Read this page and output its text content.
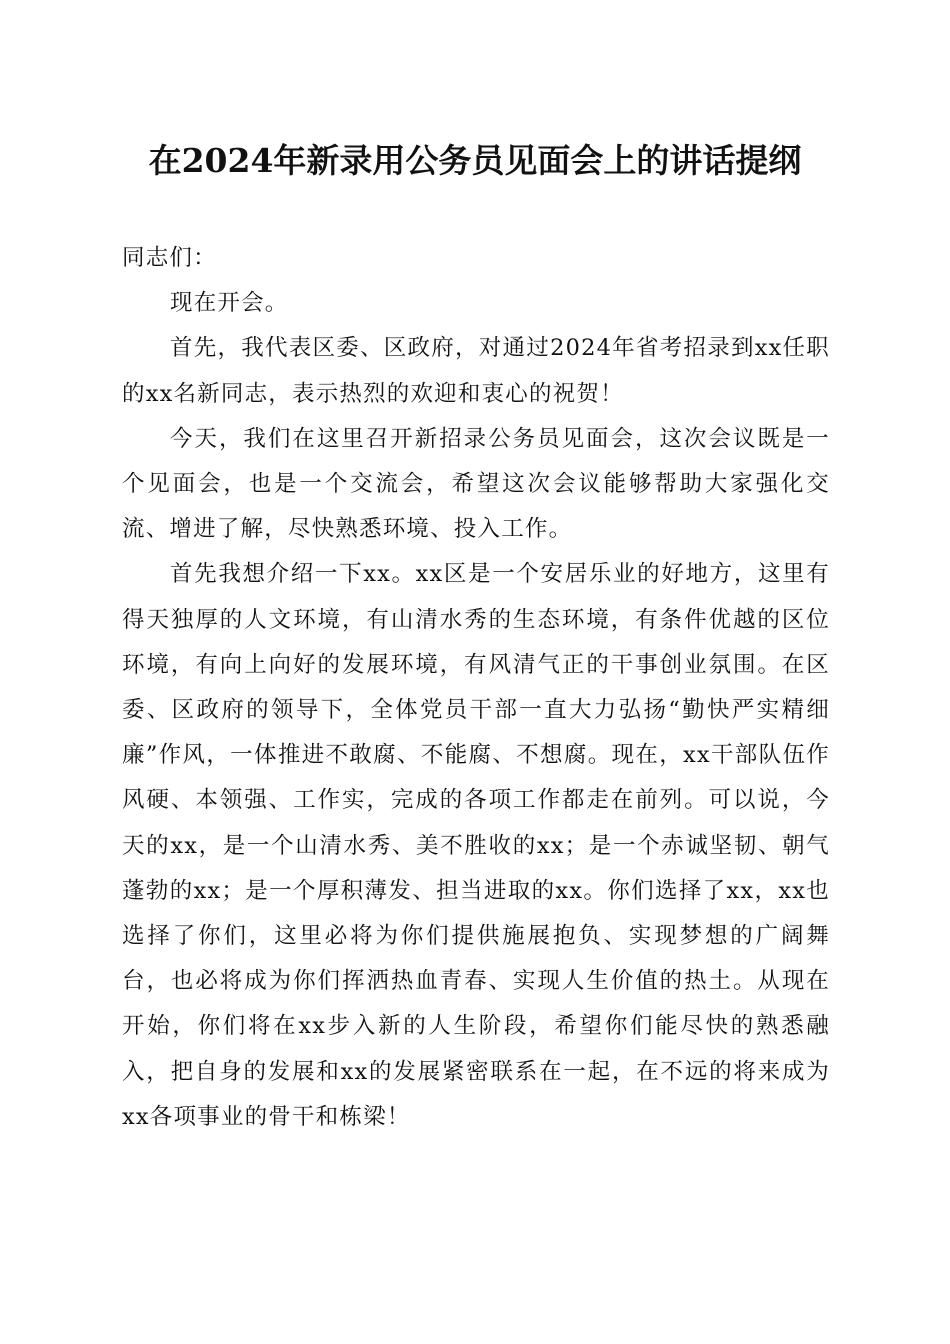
在2024年新录用公务员见面会上的讲话提纲

同志们：

现在开会。

首先，我代表区委、区政府，对通过2024年省考招录到xx任职的xx名新同志，表示热烈的欢迎和衷心的祝贺！

今天，我们在这里召开新招录公务员见面会，这次会议既是一个见面会，也是一个交流会，希望这次会议能够帮助大家强化交流、增进了解，尽快熟悉环境、投入工作。

首先我想介绍一下xx。xx区是一个安居乐业的好地方，这里有得天独厚的人文环境，有山清水秀的生态环境，有条件优越的区位环境，有向上向好的发展环境，有风清气正的干事创业氛围。在区委、区政府的领导下，全体党员干部一直大力弘扬“勤快严实精细廉”作风，一体推进不敢腐、不能腐、不想腐。现在，xx干部队伍作风硬、本领强、工作实，完成的各项工作都走在前列。可以说，今天的xx，是一个山清水秀、美不胜收的xx；是一个赤诚坚韧、朝气蓬勃的xx；是一个厚积薄发、担当进取的xx。你们选择了xx，xx也选择了你们，这里必将为你们提供施展抱负、实现梦想的广阔舞台，也必将成为你们挥洒热血青春、实现人生价值的热土。从现在开始，你们将在xx步入新的人生阶段，希望你们能尽快的熟悉融入，把自身的发展和xx的发展紧密联系在一起，在不远的将来成为xx各项事业的骨干和栋梁！
